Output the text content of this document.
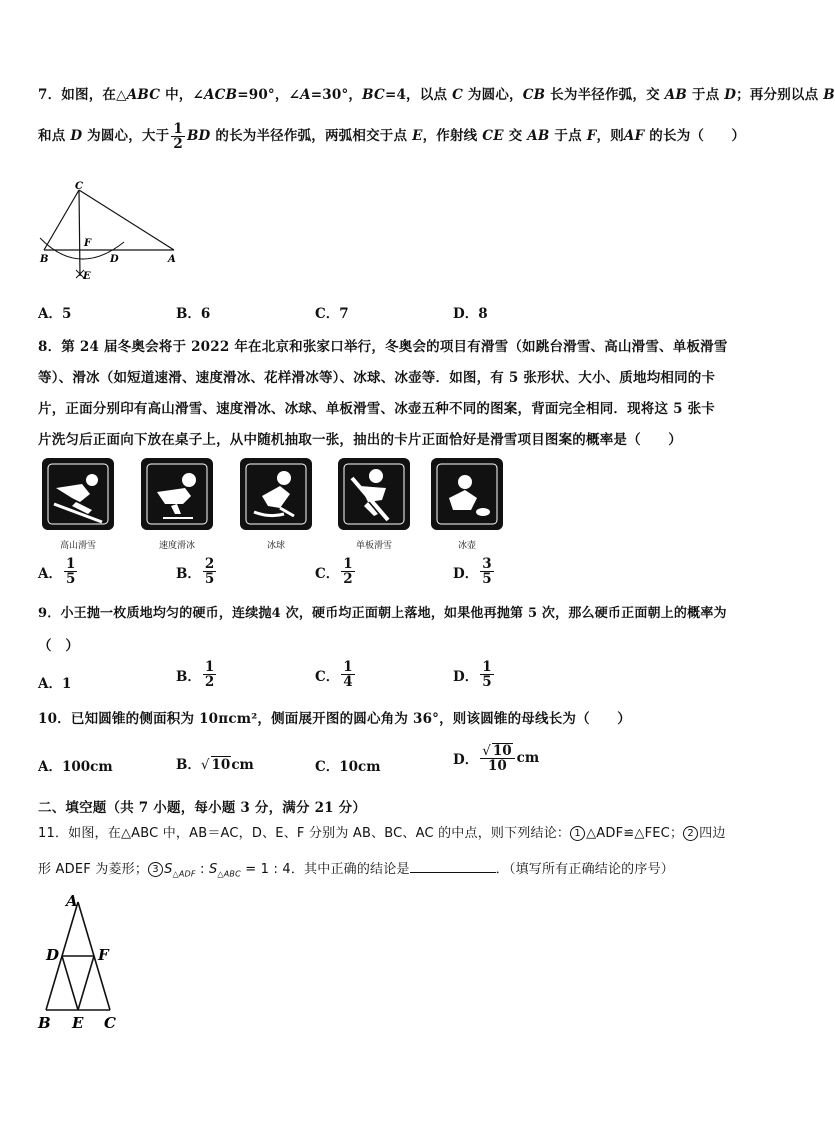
7．如图，在△ABC 中，∠ACB=90°，∠A=30°，BC=4，以点 C 为圆心，CB 长为半径作弧，交 AB 于点 D；再分别以点 B
和点 D 为圆心，大于 $\frac{1}{2}$ BD 的长为半径作弧，两弧相交于点 E，作射线 CE 交 AB 于点 F，则AF 的长为（　　）
C
F
B	D	A
E
A．5	B．6	C．7	D．8
8．第 24 届冬奥会将于 2022 年在北京和张家口举行，冬奥会的项目有滑雪（如跳台滑雪、高山滑雪、单板滑雪
等）、滑冰（如短道速滑、速度滑冰、花样滑冰等）、冰球、冰壶等．如图，有 5 张形状、大小、质地均相同的卡
片，正面分别印有高山滑雪、速度滑冰、冰球、单板滑雪、冰壶五种不同的图案，背面完全相同．现将这 5 张卡
片洗匀后正面向下放在桌子上，从中随机抽取一张，抽出的卡片正面恰好是滑雪项目图案的概率是（　　）
高山滑雪	速度滑冰	冰球	单板滑雪	冰壶
A． $\frac{1}{5}$	B． $\frac{2}{5}$	C． $\frac{1}{2}$	D． $\frac{3}{5}$
9．小王抛一枚质地均匀的硬币，连续抛4 次，硬币均正面朝上落地，如果他再抛第 5 次，那么硬币正面朝上的概率为
（　）
A．1	B． $\frac{1}{2}$	C． $\frac{1}{4}$	D． $\frac{1}{5}$
10．已知圆锥的侧面积为 10πcm²，侧面展开图的圆心角为 36°，则该圆锥的母线长为（　　）
A．100cm	B．√ 10cm	C．10cm	D． $\frac{√ 10}{10}$ cm
二、填空题（共 7 小题，每小题 3 分，满分 21 分）
11．如图，在△ABC 中，AB＝AC，D、E、F 分别为 AB、BC、AC 的中点，则下列结论： 1 △ADF≌△FEC； 2 四边
形 ADEF 为菱形； 3 $S_{\triangle ADF}$ : $S_{\triangle ABC} = 1$ : 4．其中正确的结论是	．（填写所有正确结论的序号）
A
D	F
B E C
